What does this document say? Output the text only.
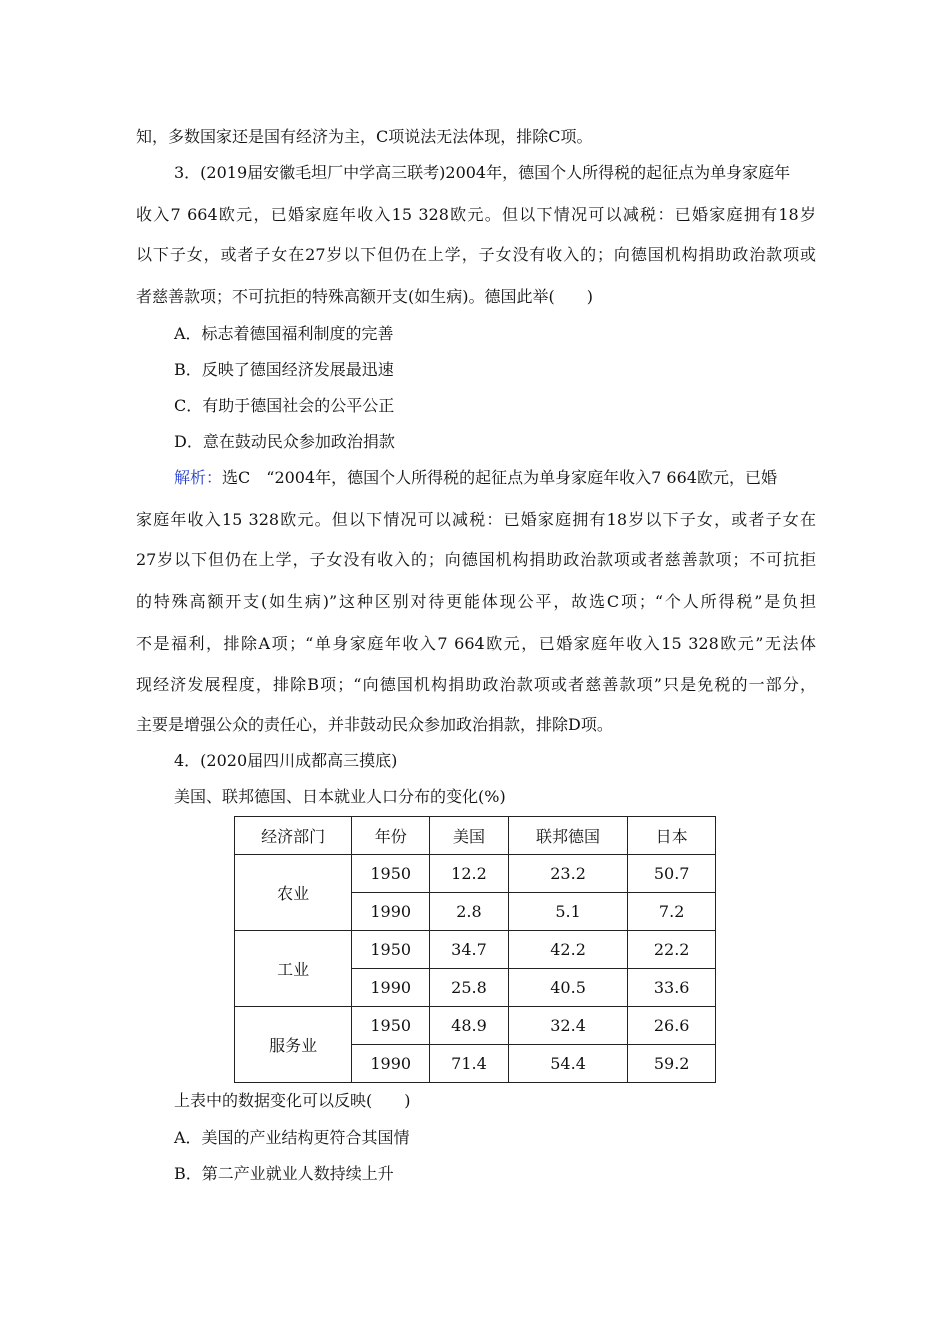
知，多数国家还是国有经济为主，C项说法无法体现，排除C项。
3．(2019届安徽毛坦厂中学高三联考)2004年，德国个人所得税的起征点为单身家庭年
收入7 664欧元，已婚家庭年收入15 328欧元。但以下情况可以减税：已婚家庭拥有18岁
以下子女，或者子女在27岁以下但仍在上学，子女没有收入的；向德国机构捐助政治款项或
者慈善款项；不可抗拒的特殊高额开支(如生病)。德国此举(　　)
A．标志着德国福利制度的完善
B．反映了德国经济发展最迅速
C．有助于德国社会的公平公正
D．意在鼓动民众参加政治捐款
解析：选C　“2004年，德国个人所得税的起征点为单身家庭年收入7 664欧元，已婚
家庭年收入15 328欧元。但以下情况可以减税：已婚家庭拥有18岁以下子女，或者子女在
27岁以下但仍在上学，子女没有收入的；向德国机构捐助政治款项或者慈善款项；不可抗拒
的特殊高额开支(如生病)”这种区别对待更能体现公平，故选C项；“个人所得税”是负担
不是福利，排除A项；“单身家庭年收入7 664欧元，已婚家庭年收入15 328欧元”无法体
现经济发展程度，排除B项；“向德国机构捐助政治款项或者慈善款项”只是免税的一部分，
主要是增强公众的责任心，并非鼓动民众参加政治捐款，排除D项。
4．(2020届四川成都高三摸底)
美国、联邦德国、日本就业人口分布的变化(%)
经济部门	年份	美国	联邦德国	日本
农业	1950	12.2	23.2	50.7
	1990	2.8	5.1	7.2
工业	1950	34.7	42.2	22.2
	1990	25.8	40.5	33.6
服务业	1950	48.9	32.4	26.6
	1990	71.4	54.4	59.2
上表中的数据变化可以反映(　　)
A．美国的产业结构更符合其国情
B．第二产业就业人数持续上升
